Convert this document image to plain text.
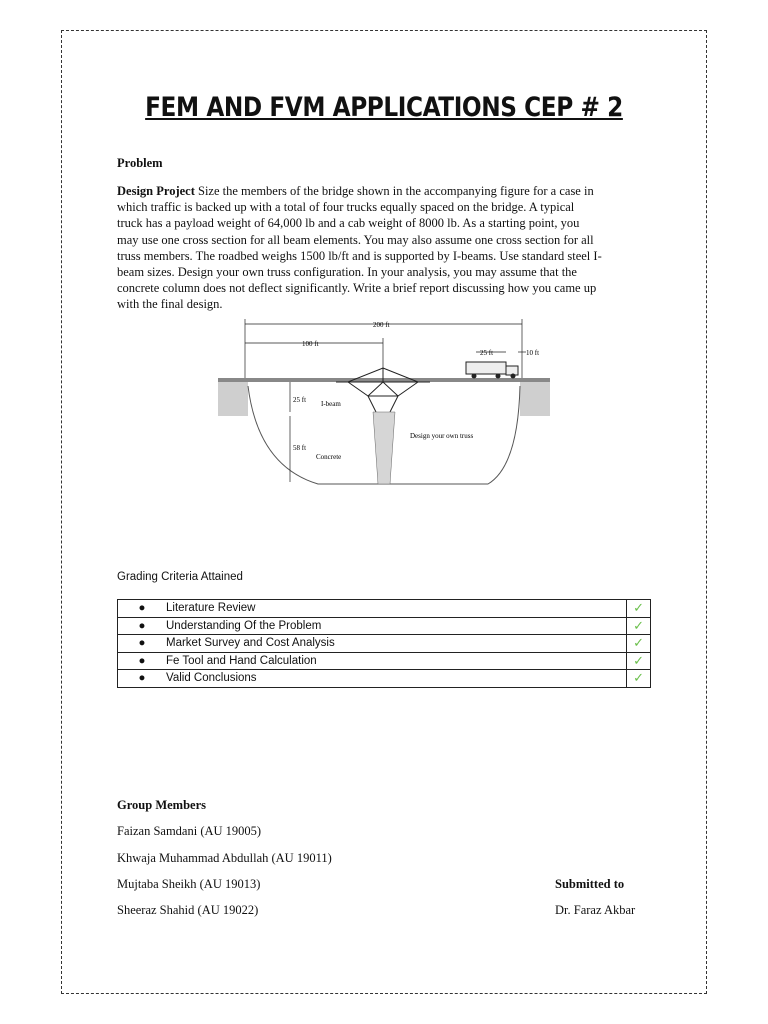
FEM AND FVM APPLICATIONS CEP # 2
Problem
Design Project Size the members of the bridge shown in the accompanying figure for a case in which traffic is backed up with a total of four trucks equally spaced on the bridge. A typical truck has a payload weight of 64,000 lb and a cab weight of 8000 lb. As a starting point, you may use one cross section for all beam elements. You may also assume one cross section for all truss members. The roadbed weighs 1500 lb/ft and is supported by I-beams. Use standard steel I-beam sizes. Design your own truss configuration. In your analysis, you may assume that the concrete column does not deflect significantly. Write a brief report discussing how you came up with the final design.
200 ft
100 ft
25 ft	10 ft
25 ft
58 ft
I-beam
Design your own truss
Concrete
Grading Criteria Attained
● Literature Review	✓
● Understanding Of the Problem	✓
● Market Survey and Cost Analysis	✓
● Fe Tool and Hand Calculation	✓
● Valid Conclusions	✓
Group Members
Faizan Samdani (AU 19005)
Khwaja Muhammad Abdullah (AU 19011)
Mujtaba Sheikh (AU 19013)
Sheeraz Shahid (AU 19022)
Submitted to
Dr. Faraz Akbar
